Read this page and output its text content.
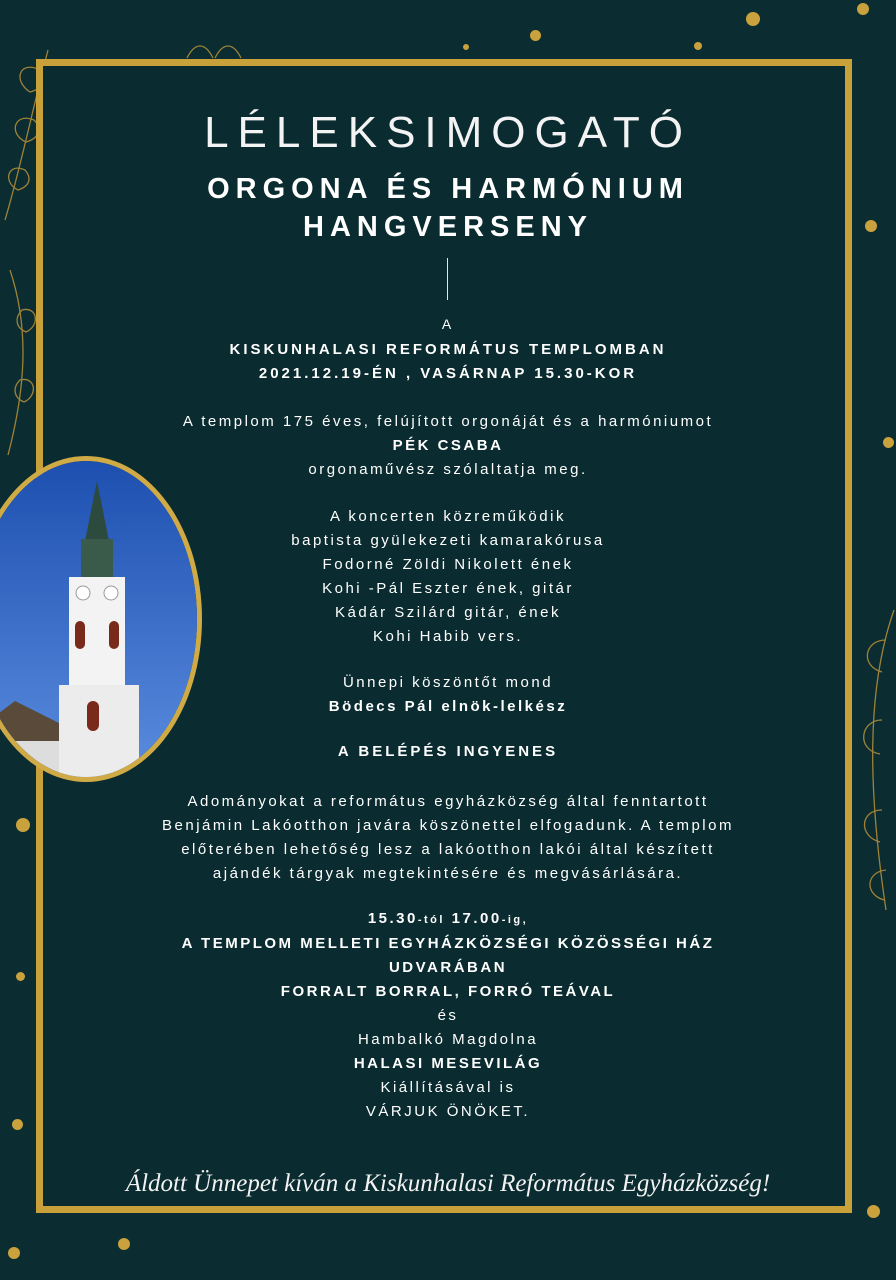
LÉLEKSIMOGATÓ
ORGONA ÉS HARMÓNIUM
HANGVERSENY
A
KISKUNHALASI REFORMÁTUS TEMPLOMBAN
2021.12.19-ÉN , VASÁRNAP 15.30-KOR
A templom 175 éves, felújított orgonáját és a harmóniumot
PÉK CSABA
orgonaművész szólaltatja meg.
A koncerten közreműködik
baptista gyülekezeti kamarakórusa
Fodorné Zöldi Nikolett ének
Kohi -Pál Eszter ének, gitár
Kádár Szilárd gitár, ének
Kohi Habib vers.
Ünnepi köszöntőt mond
Bödecs Pál elnök-lelkész
A BELÉPÉS INGYENES
Adományokat a református egyházközség által fenntartott
Benjámin Lakóotthon javára köszönettel elfogadunk. A templom
előterében lehetőség lesz a lakóotthon lakói által készített
ajándék tárgyak megtekintésére és megvásárlására.
15.30-tól 17.00-ig,
A TEMPLOM MELLETI EGYHÁZKÖZSÉGI KÖZÖSSÉGI HÁZ
UDVARÁBAN
FORRALT BORRAL, FORRÓ TEÁVAL
és
Hambalkó Magdolna
HALASI MESEVILÁG
Kiállításával is
VÁRJUK ÖNÖKET.
Áldott Ünnepet kíván a Kiskunhalasi Református Egyházközség!
